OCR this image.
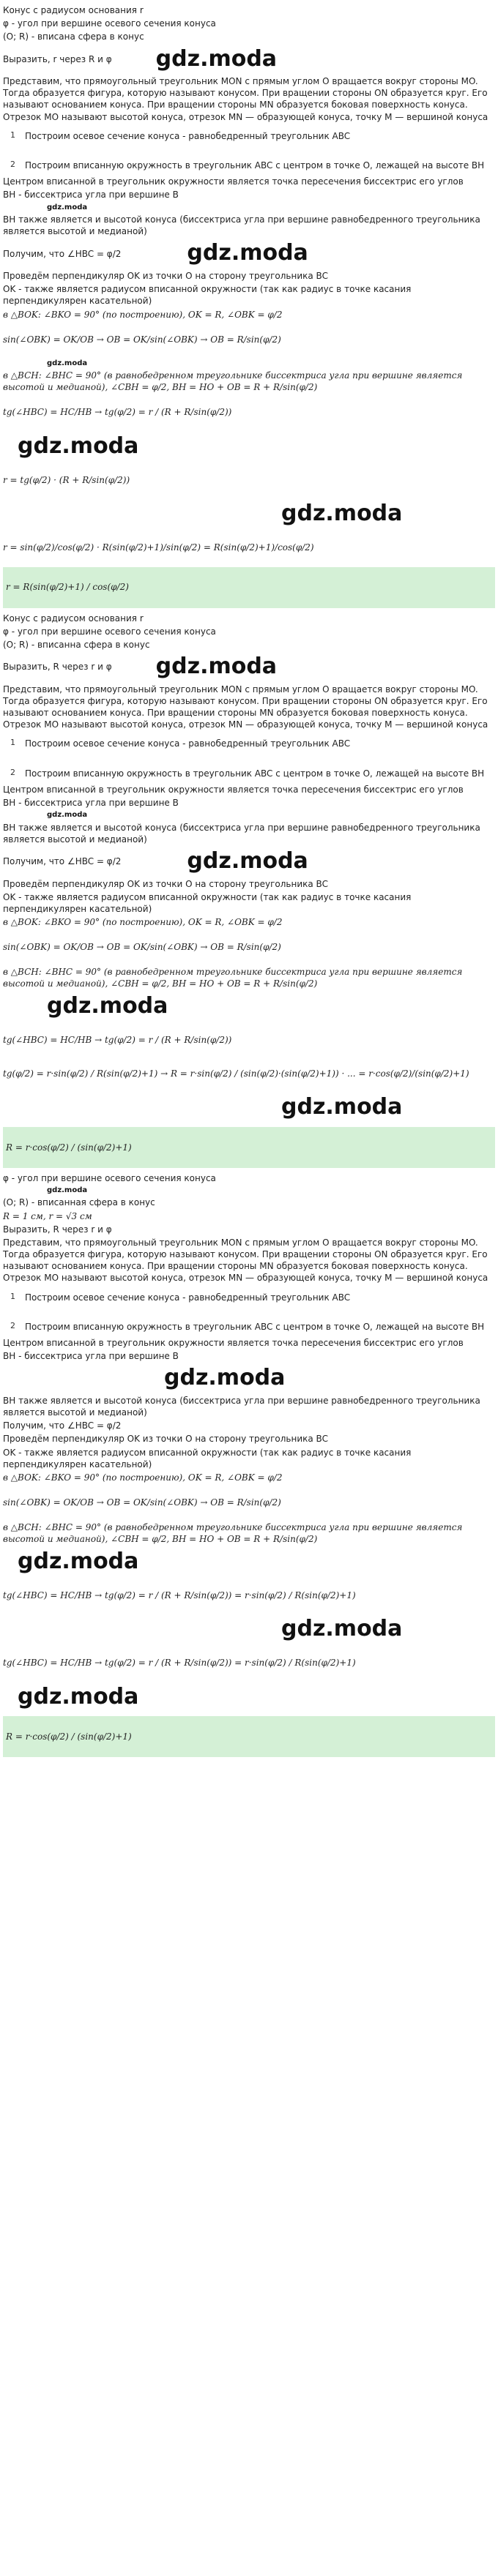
Конус с радиусом основания r
φ - угол при вершине осевого сечения конуса
(O; R) - вписана сфера в конус
Выразить, r через R и φ gdz.moda
Представим, что прямоугольный треугольник MON с прямым углом O вращается вокруг стороны MO. Тогда образуется фигура, которую называют конусом. При вращении стороны ON образуется круг. Его называют основанием конуса. При вращении стороны MN образуется боковая поверхность конуса. Отрезок MO называют высотой конуса, отрезок MN — образующей конуса, точку M — вершиной конуса
1	Построим осевое сечение конуса - равнобедренный треугольник ABC
2	Построим вписанную окружность в треугольник ABC с центром в точке O, лежащей на высоте BH
Центром вписанной в треугольник окружности является точка пересечения биссектрис его углов
BH - биссектриса угла при вершине B
gdz.moda
BH также является и высотой конуса (биссектриса угла при вершине равнобедренного треугольника является высотой и медианой)
Получим, что ∠HBC = φ/2	gdz.moda
Проведём перпендикуляр OK из точки O на сторону треугольника BC
OK - также является радиусом вписанной окружности (так как радиус в точке касания перпендикулярен касательной)
в △BOK: ∠BKO = 90° (по построению), OK = R, ∠OBK = φ/2
sin(∠OBK) = OK/OB → OB = OK/sin(∠OBK) → OB = R/sin(φ/2)
gdz.moda
в △BCH: ∠BHC = 90° (в равнобедренном треугольнике биссектриса угла при вершине является высотой и медианой), ∠CBH = φ/2, BH = HO + OB = R + R/sin(φ/2)
tg(∠HBC) = HC/HB → tg(φ/2) = r / (R + R/sin(φ/2))
gdz.moda
r = tg(φ/2) · (R + R/sin(φ/2))
gdz.moda
r = sin(φ/2)/cos(φ/2) · R(sin(φ/2)+1)/sin(φ/2) = R(sin(φ/2)+1)/cos(φ/2)
r = R(sin(φ/2)+1) / cos(φ/2)
Конус с радиусом основания r
φ - угол при вершине осевого сечения конуса
(O; R) - вписанна сфера в конус
Выразить, R через r и φ gdz.moda
Представим, что прямоугольный треугольник MON с прямым углом O вращается вокруг стороны MO. Тогда образуется фигура, которую называют конусом. При вращении стороны ON образуется круг. Его называют основанием конуса. При вращении стороны MN образуется боковая поверхность конуса. Отрезок MO называют высотой конуса, отрезок MN — образующей конуса, точку M — вершиной конуса
1	Построим осевое сечение конуса - равнобедренный треугольник ABC
2	Построим вписанную окружность в треугольник ABC с центром в точке O, лежащей на высоте BH
Центром вписанной в треугольник окружности является точка пересечения биссектрис его углов
BH - биссектриса угла при вершине B
gdz.moda
BH также является и высотой конуса (биссектриса угла при вершине равнобедренного треугольника является высотой и медианой)
Получим, что ∠HBC = φ/2	gdz.moda
Проведём перпендикуляр OK из точки O на сторону треугольника BC
OK - также является радиусом вписанной окружности (так как радиус в точке касания перпендикулярен касательной)
в △BOK: ∠BKO = 90° (по построению), OK = R, ∠OBK = φ/2
sin(∠OBK) = OK/OB → OB = OK/sin(∠OBK) → OB = R/sin(φ/2)
в △BCH: ∠BHC = 90° (в равнобедренном треугольнике биссектриса угла при вершине является высотой и медианой), ∠CBH = φ/2, BH = HO + OB = R + R/sin(φ/2)
gdz.moda
tg(∠HBC) = HC/HB → tg(φ/2) = r / (R + R/sin(φ/2))
tg(φ/2) = r·sin(φ/2) / R(sin(φ/2)+1) → R = r·sin(φ/2) / (sin(φ/2)·(sin(φ/2)+1)) · ... = r·cos(φ/2)/(sin(φ/2)+1)
gdz.moda
R = r·cos(φ/2) / (sin(φ/2)+1)
φ - угол при вершине осевого сечения конуса
gdz.moda
(O; R) - вписанная сфера в конус
R = 1 см, r = √3 см
Выразить, R через r и φ
Представим, что прямоугольный треугольник MON с прямым углом O вращается вокруг стороны MO. Тогда образуется фигура, которую называют конусом. При вращении стороны ON образуется круг. Его называют основанием конуса. При вращении стороны MN образуется боковая поверхность конуса. Отрезок MO называют высотой конуса, отрезок MN — образующей конуса, точку M — вершиной конуса
1	Построим осевое сечение конуса - равнобедренный треугольник ABC
2	Построим вписанную окружность в треугольник ABC с центром в точке O, лежащей на высоте BH
Центром вписанной в треугольник окружности является точка пересечения биссектрис его углов
BH - биссектриса угла при вершине B
gdz.moda
BH также является и высотой конуса (биссектриса угла при вершине равнобедренного треугольника является высотой и медианой)
Получим, что ∠HBC = φ/2
Проведём перпендикуляр OK из точки O на сторону треугольника BC
OK - также является радиусом вписанной окружности (так как радиус в точке касания перпендикулярен касательной)
в △BOK: ∠BKO = 90° (по построению), OK = R, ∠OBK = φ/2
sin(∠OBK) = OK/OB → OB = OK/sin(∠OBK) → OB = R/sin(φ/2)
в △BCH: ∠BHC = 90° (в равнобедренном треугольнике биссектриса угла при вершине является высотой и медианой), ∠CBH = φ/2, BH = HO + OB = R + R/sin(φ/2)
gdz.moda
tg(∠HBC) = HC/HB → tg(φ/2) = r / (R + R/sin(φ/2)) = r·sin(φ/2) / R(sin(φ/2)+1)
gdz.moda
tg(∠HBC) = HC/HB → tg(φ/2) = r / (R + R/sin(φ/2)) = r·sin(φ/2) / R(sin(φ/2)+1)
gdz.moda
R = r·cos(φ/2) / (sin(φ/2)+1)
